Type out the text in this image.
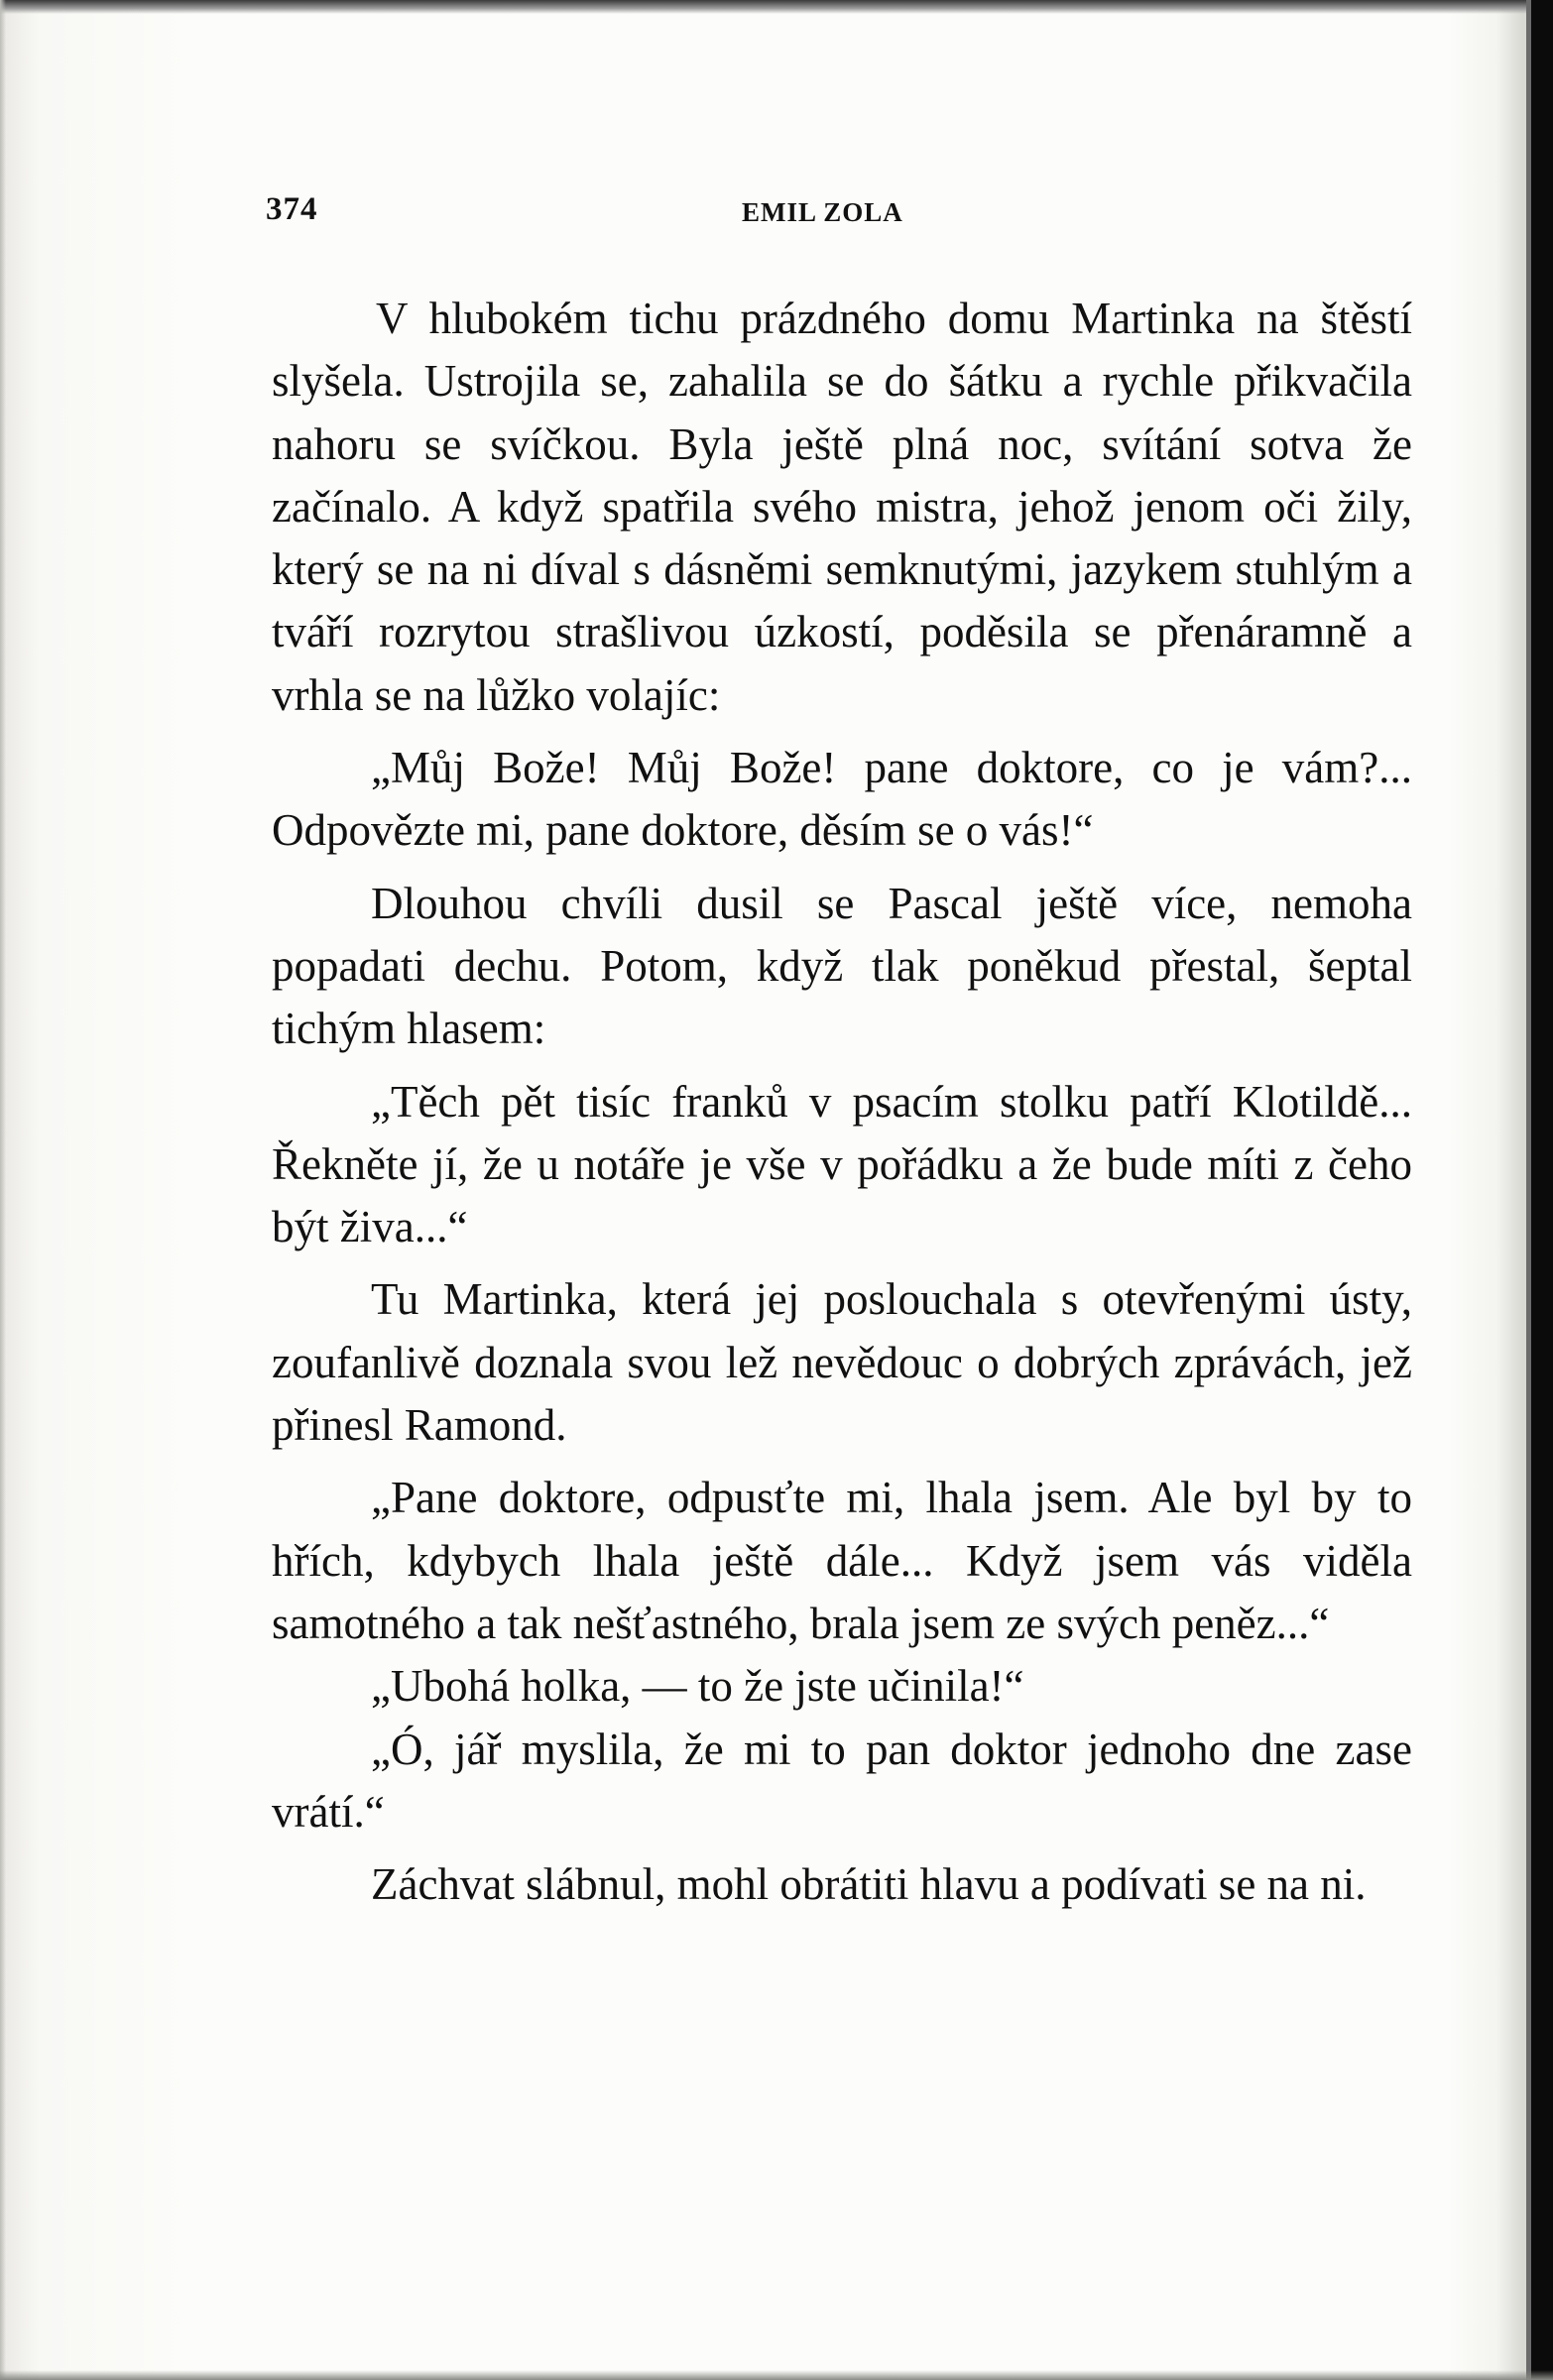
374	EMIL ZOLA

V hlubokém tichu prázdného domu Martinka na štěstí slyšela. Ustrojila se, zahalila se do šátku a rychle přikvačila nahoru se svíčkou. Byla ještě plná noc, svítání sotva že začínalo. A když spatřila svého mistra, jehož jenom oči žily, který se na ni díval s dásněmi semknutými, jazykem stuhlým a tváří rozrytou strašlivou úzkostí, poděsila se přenáramně a vrhla se na lůžko volajíc:

„Můj Bože! Můj Bože! pane doktore, co je vám?... Odpovězte mi, pane doktore, děsím se o vás!“

Dlouhou chvíli dusil se Pascal ještě více, nemoha popadati dechu. Potom, když tlak poněkud přestal, šeptal tichým hlasem:

„Těch pět tisíc franků v psacím stolku patří Klotildě... Řekněte jí, že u notáře je vše v pořádku a že bude míti z čeho být živa...“

Tu Martinka, která jej poslouchala s otevřenými ústy, zoufanlivě doznala svou lež nevědouc o dobrých zprávách, jež přinesl Ramond.

„Pane doktore, odpusťte mi, lhala jsem. Ale byl by to hřích, kdybych lhala ještě dále... Když jsem vás viděla samotného a tak nešťastného, brala jsem ze svých peněz...“

„Ubohá holka, — to že jste učinila!“

„Ó, jář myslila, že mi to pan doktor jednoho dne zase vrátí.“

Záchvat slábnul, mohl obrátiti hlavu a podívati se na ni.
